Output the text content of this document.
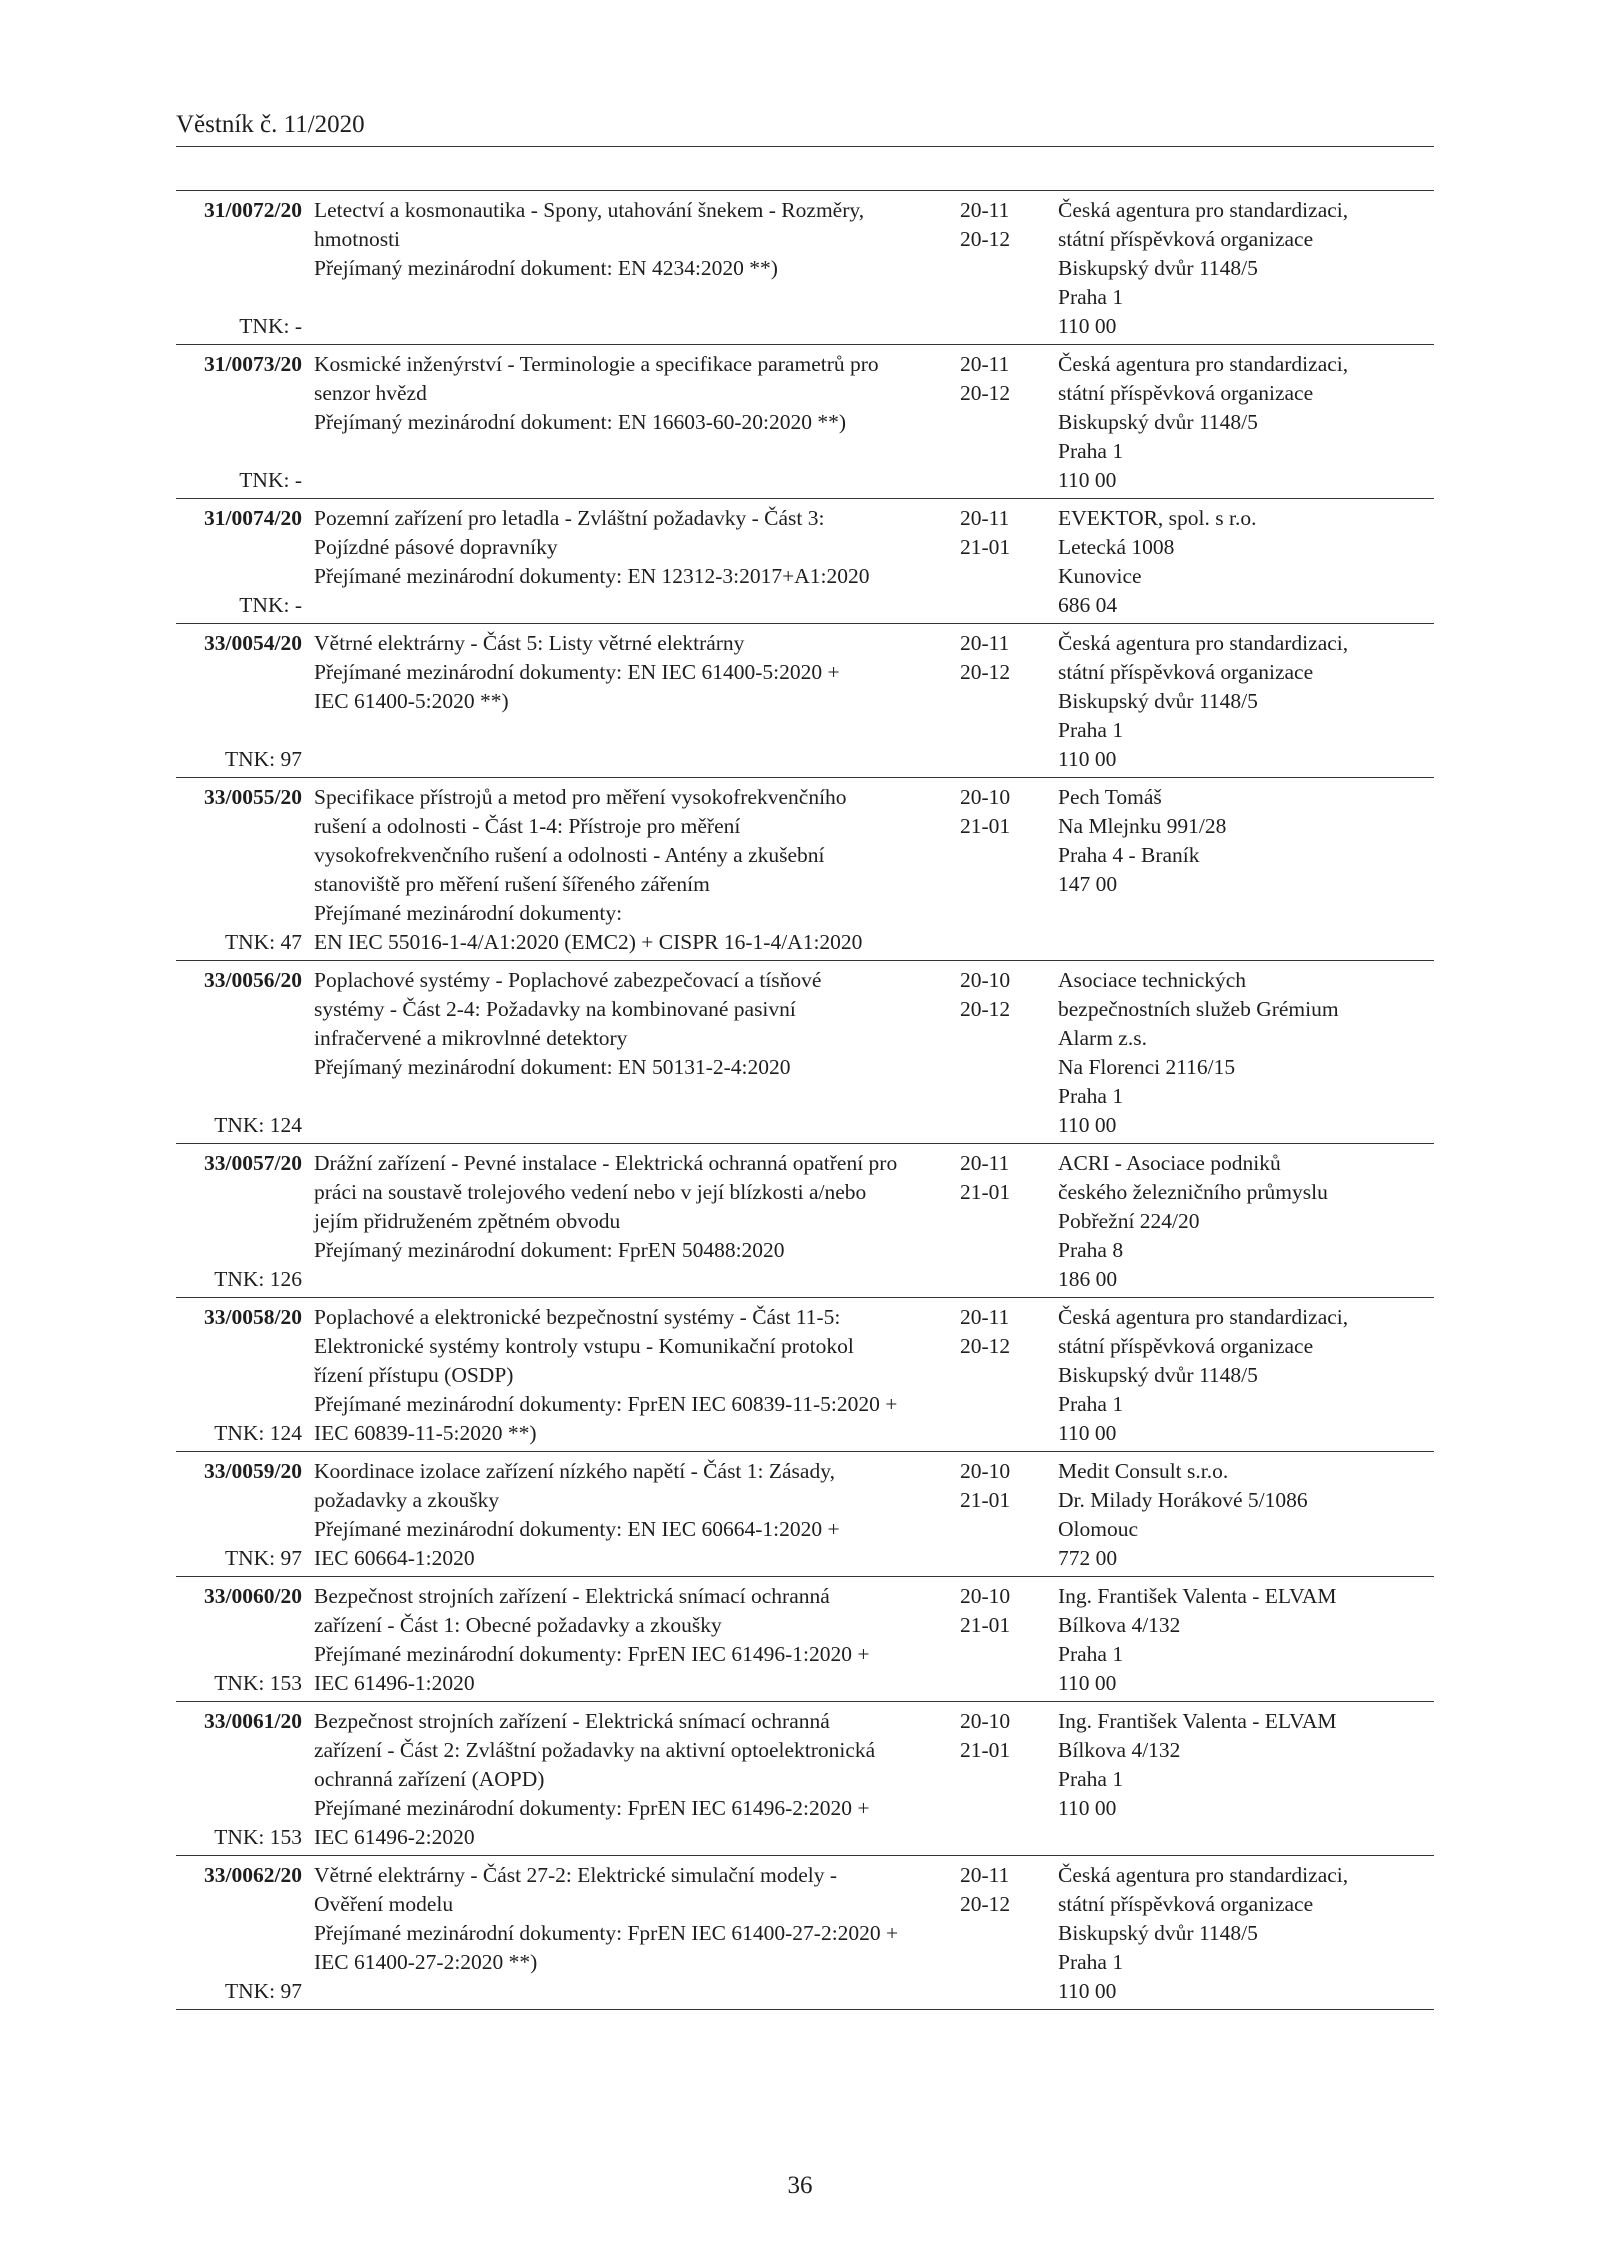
Věstník č. 11/2020
31/0072/20
TNK: -
Letectví a kosmonautika - Spony, utahování šnekem - Rozměry,
hmotnosti
Přejímaný mezinárodní dokument: EN 4234:2020 **)
20-11
20-12
Česká agentura pro standardizaci,
státní příspěvková organizace
Biskupský dvůr 1148/5
Praha 1
110 00
31/0073/20
TNK: -
Kosmické inženýrství - Terminologie a specifikace parametrů pro
senzor hvězd
Přejímaný mezinárodní dokument: EN 16603-60-20:2020 **)
20-11
20-12
Česká agentura pro standardizaci,
státní příspěvková organizace
Biskupský dvůr 1148/5
Praha 1
110 00
31/0074/20
TNK: -
Pozemní zařízení pro letadla - Zvláštní požadavky - Část 3:
Pojízdné pásové dopravníky
Přejímané mezinárodní dokumenty: EN 12312-3:2017+A1:2020
20-11
21-01
EVEKTOR, spol. s r.o.
Letecká 1008
Kunovice
686 04
33/0054/20
TNK: 97
Větrné elektrárny - Část 5: Listy větrné elektrárny
Přejímané mezinárodní dokumenty: EN IEC 61400-5:2020 +
IEC 61400-5:2020 **)
20-11
20-12
Česká agentura pro standardizaci,
státní příspěvková organizace
Biskupský dvůr 1148/5
Praha 1
110 00
33/0055/20
TNK: 47
Specifikace přístrojů a metod pro měření vysokofrekvenčního
rušení a odolnosti - Část 1-4: Přístroje pro měření
vysokofrekvenčního rušení a odolnosti - Antény a zkušební
stanoviště pro měření rušení šířeného zářením
Přejímané mezinárodní dokumenty:
EN IEC 55016-1-4/A1:2020 (EMC2) + CISPR 16-1-4/A1:2020
20-10
21-01
Pech Tomáš
Na Mlejnku 991/28
Praha 4 - Braník
147 00
33/0056/20
TNK: 124
Poplachové systémy - Poplachové zabezpečovací a tísňové
systémy - Část 2-4: Požadavky na kombinované pasivní
infračervené a mikrovlnné detektory
Přejímaný mezinárodní dokument: EN 50131-2-4:2020
20-10
20-12
Asociace technických
bezpečnostních služeb Grémium
Alarm z.s.
Na Florenci 2116/15
Praha 1
110 00
33/0057/20
TNK: 126
Drážní zařízení - Pevné instalace - Elektrická ochranná opatření pro
práci na soustavě trolejového vedení nebo v její blízkosti a/nebo
jejím přidruženém zpětném obvodu
Přejímaný mezinárodní dokument: FprEN 50488:2020
20-11
21-01
ACRI - Asociace podniků
českého železničního průmyslu
Pobřežní 224/20
Praha 8
186 00
33/0058/20
TNK: 124
Poplachové a elektronické bezpečnostní systémy - Část 11-5:
Elektronické systémy kontroly vstupu - Komunikační protokol
řízení přístupu (OSDP)
Přejímané mezinárodní dokumenty: FprEN IEC 60839-11-5:2020 +
IEC 60839-11-5:2020 **)
20-11
20-12
Česká agentura pro standardizaci,
státní příspěvková organizace
Biskupský dvůr 1148/5
Praha 1
110 00
33/0059/20
TNK: 97
Koordinace izolace zařízení nízkého napětí - Část 1: Zásady,
požadavky a zkoušky
Přejímané mezinárodní dokumenty: EN IEC 60664-1:2020 +
IEC 60664-1:2020
20-10
21-01
Medit Consult s.r.o.
Dr. Milady Horákové 5/1086
Olomouc
772 00
33/0060/20
TNK: 153
Bezpečnost strojních zařízení - Elektrická snímací ochranná
zařízení - Část 1: Obecné požadavky a zkoušky
Přejímané mezinárodní dokumenty: FprEN IEC 61496-1:2020 +
IEC 61496-1:2020
20-10
21-01
Ing. František Valenta - ELVAM
Bílkova 4/132
Praha 1
110 00
33/0061/20
TNK: 153
Bezpečnost strojních zařízení - Elektrická snímací ochranná
zařízení - Část 2: Zvláštní požadavky na aktivní optoelektronická
ochranná zařízení (AOPD)
Přejímané mezinárodní dokumenty: FprEN IEC 61496-2:2020 +
IEC 61496-2:2020
20-10
21-01
Ing. František Valenta - ELVAM
Bílkova 4/132
Praha 1
110 00
33/0062/20
TNK: 97
Větrné elektrárny - Část 27-2: Elektrické simulační modely -
Ověření modelu
Přejímané mezinárodní dokumenty: FprEN IEC 61400-27-2:2020 +
IEC 61400-27-2:2020 **)
20-11
20-12
Česká agentura pro standardizaci,
státní příspěvková organizace
Biskupský dvůr 1148/5
Praha 1
110 00
36
